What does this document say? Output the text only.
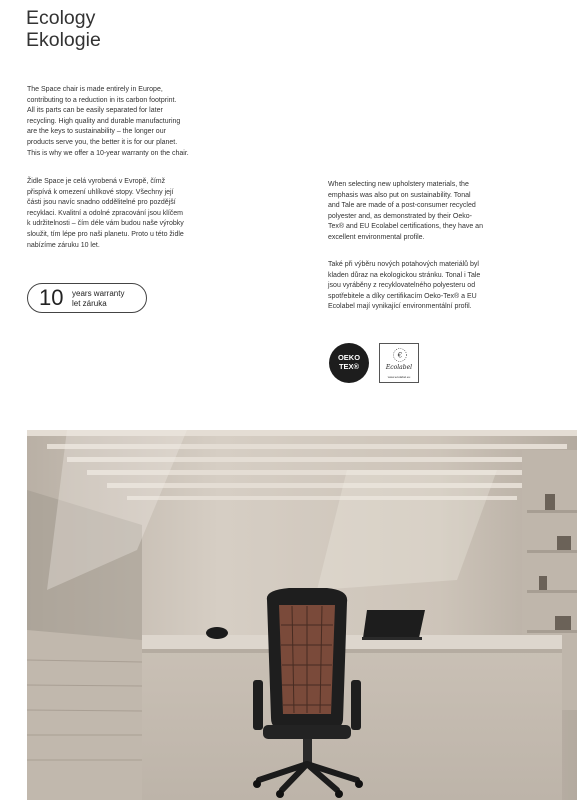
Ecology
Ekologie

The Space chair is made entirely in Europe,
contributing to a reduction in its carbon footprint.
All its parts can be easily separated for later
recycling. High quality and durable manufacturing
are the keys to sustainability – the longer our
products serve you, the better it is for our planet.
This is why we offer a 10-year warranty on the chair.

Židle Space je celá vyrobená v Evropě, čímž
přispívá k omezení uhlíkové stopy. Všechny její
části jsou navíc snadno oddělitelné pro pozdější
recyklaci. Kvalitní a odolné zpracování jsou klíčem
k udržitelnosti – čím déle vám budou naše výrobky
sloužit, tím lépe pro naši planetu. Proto u této židle
nabízíme záruku 10 let.

10 years warranty
let záruka

When selecting new upholstery materials, the
emphasis was also put on sustainability. Tonal
and Tale are made of a post-consumer recycled
polyester and, as demonstrated by their Oeko-
Tex® and EU Ecolabel certifications, they have an
excellent environmental profile.

Také při výběru nových potahových materiálů byl
kladen důraz na ekologickou stránku. Tonal i Tale
jsou vyráběny z recyklovatelného polyesteru od
spotřebitele a díky certifikacím Oeko-Tex® a EU
Ecolabel mají vynikající environmentální profil.

OEKO
TEX®
€
Ecolabel
www.ecolabel.eu
